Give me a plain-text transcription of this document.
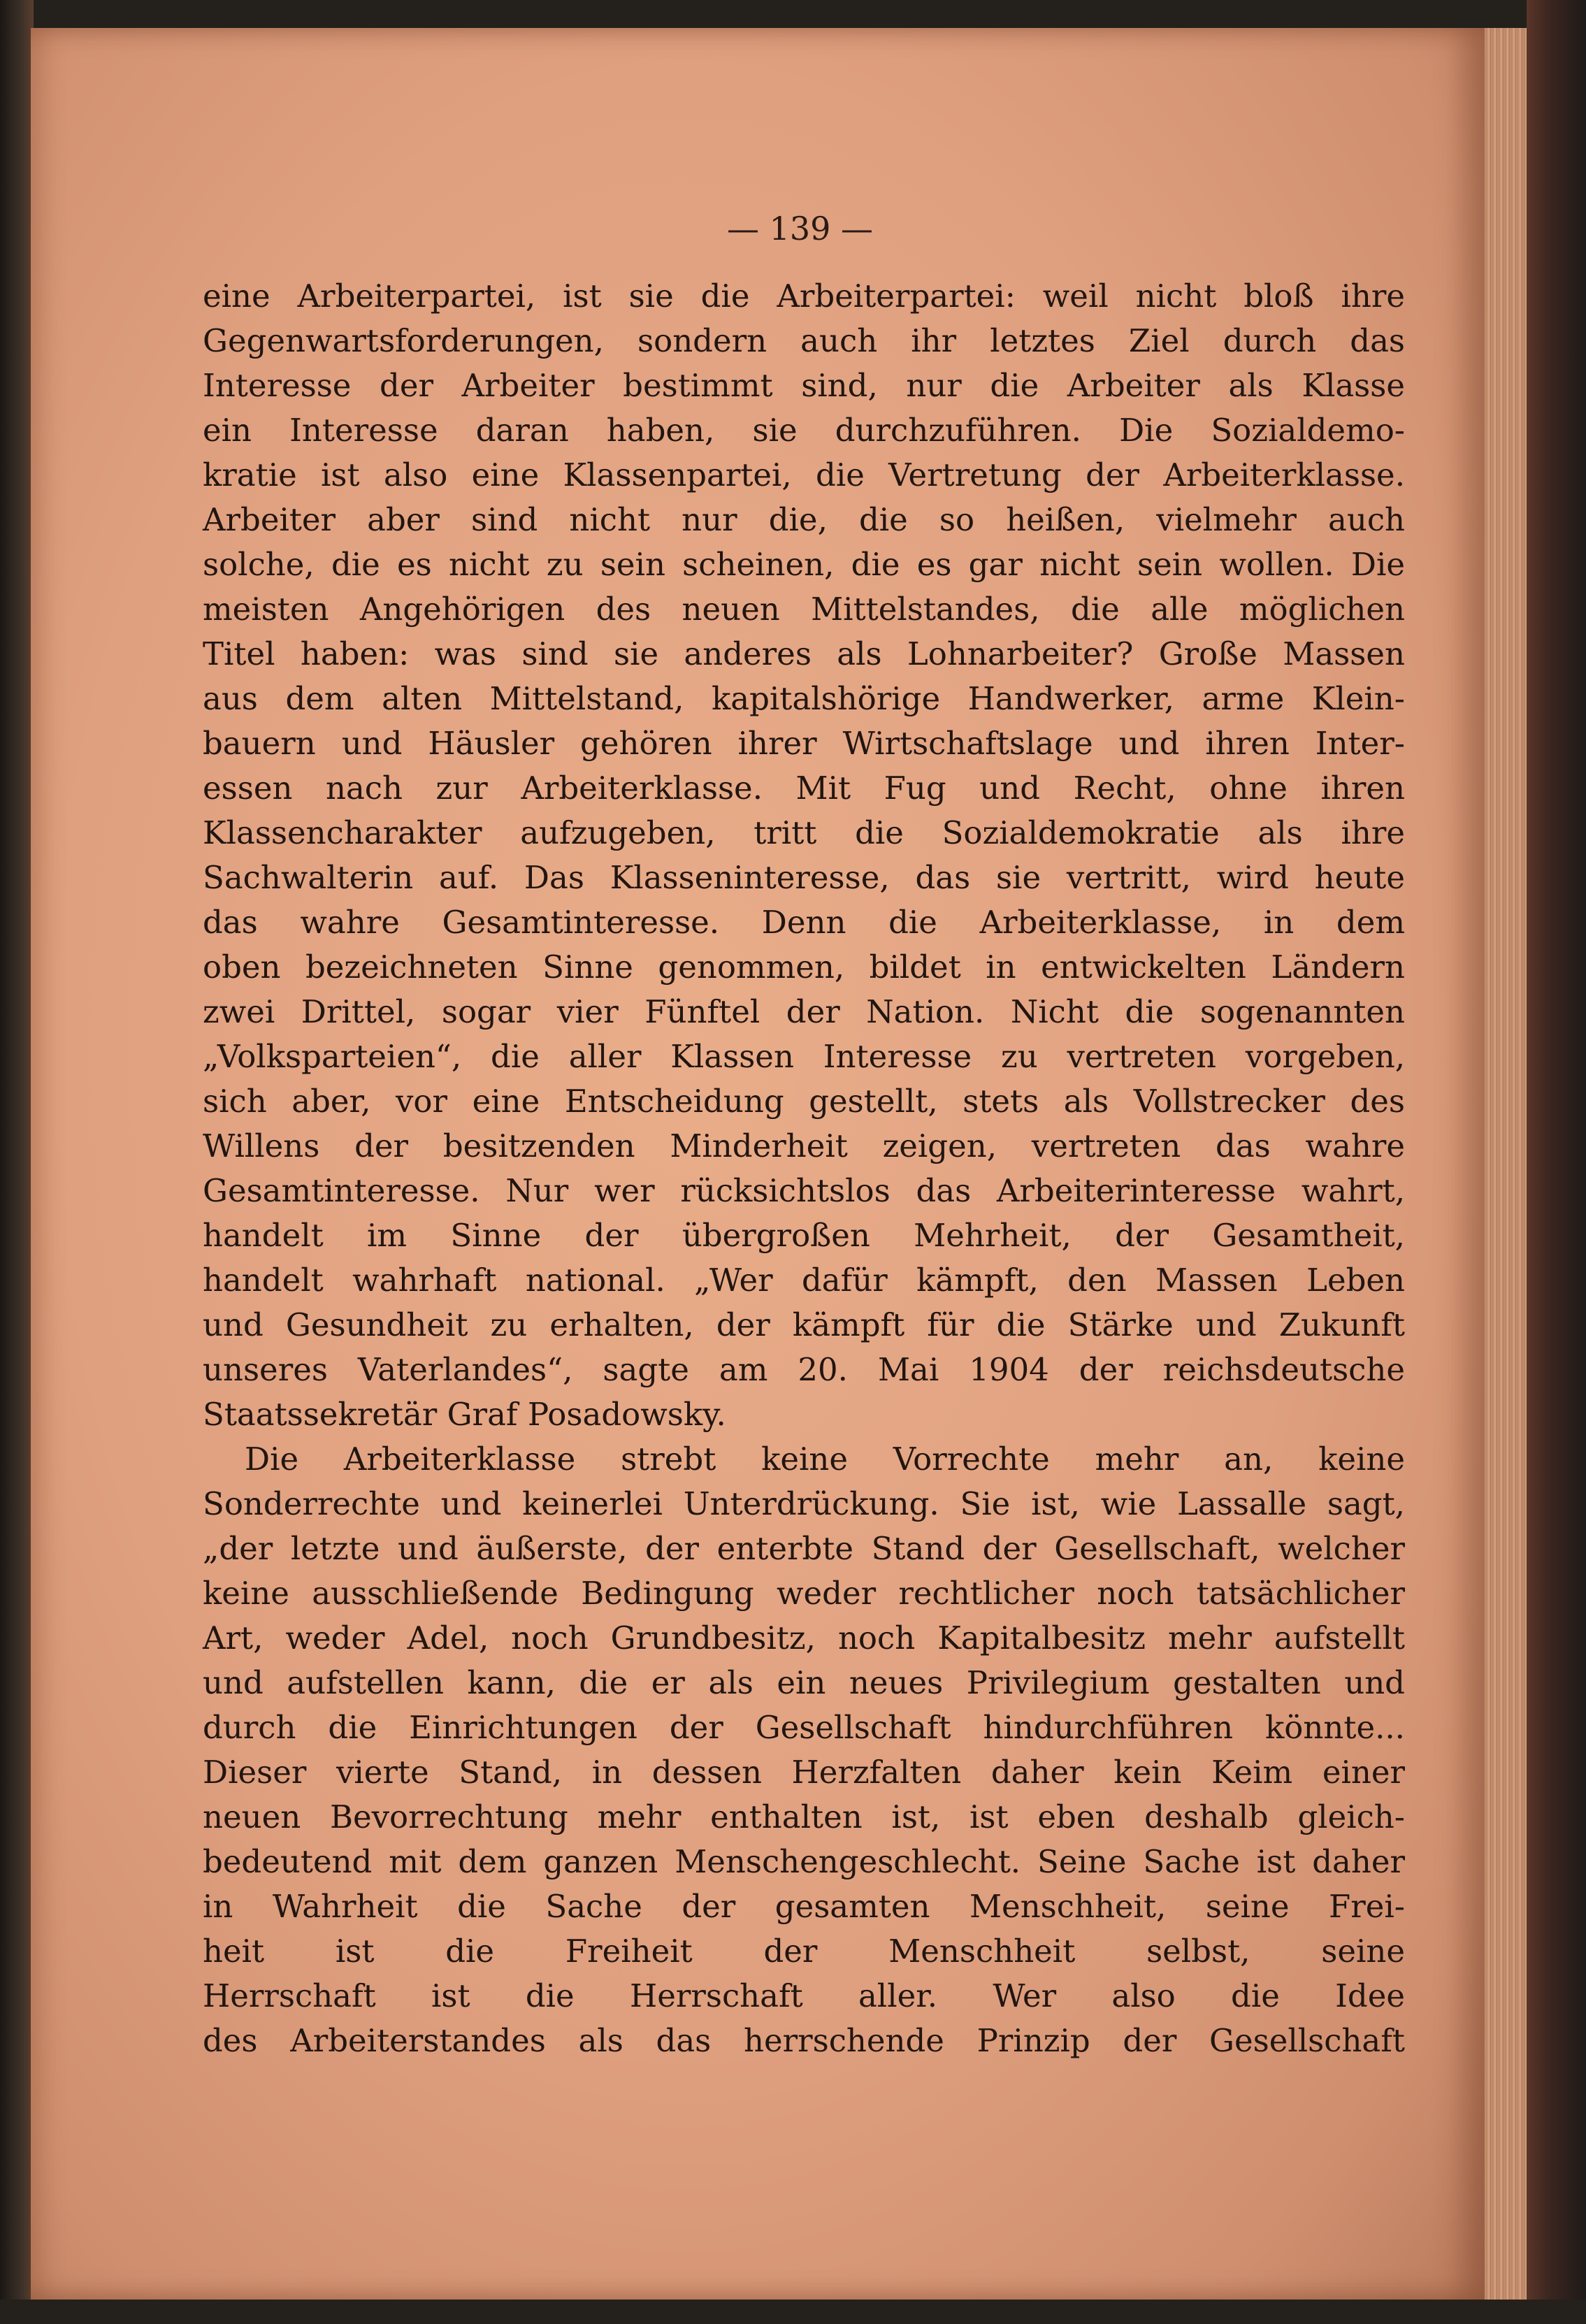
— 139 —
eine Arbeiterpartei, ist sie die Arbeiterpartei: weil nicht bloß ihre
Gegenwartsforderungen, sondern auch ihr letztes Ziel durch das
Interesse der Arbeiter bestimmt sind, nur die Arbeiter als Klasse
ein Interesse daran haben, sie durchzuführen. Die Sozialdemo-
kratie ist also eine Klassenpartei, die Vertretung der Arbeiterklasse.
Arbeiter aber sind nicht nur die, die so heißen, vielmehr auch
solche, die es nicht zu sein scheinen, die es gar nicht sein wollen. Die
meisten Angehörigen des neuen Mittelstandes, die alle möglichen
Titel haben: was sind sie anderes als Lohnarbeiter? Große Massen
aus dem alten Mittelstand, kapitalshörige Handwerker, arme Klein-
bauern und Häusler gehören ihrer Wirtschaftslage und ihren Inter-
essen nach zur Arbeiterklasse. Mit Fug und Recht, ohne ihren
Klassencharakter aufzugeben, tritt die Sozialdemokratie als ihre
Sachwalterin auf. Das Klasseninteresse, das sie vertritt, wird heute
das wahre Gesamtinteresse. Denn die Arbeiterklasse, in dem
oben bezeichneten Sinne genommen, bildet in entwickelten Ländern
zwei Drittel, sogar vier Fünftel der Nation. Nicht die sogenannten
„Volksparteien“, die aller Klassen Interesse zu vertreten vorgeben,
sich aber, vor eine Entscheidung gestellt, stets als Vollstrecker des
Willens der besitzenden Minderheit zeigen, vertreten das wahre
Gesamtinteresse. Nur wer rücksichtslos das Arbeiterinteresse wahrt,
handelt im Sinne der übergroßen Mehrheit, der Gesamtheit,
handelt wahrhaft national. „Wer dafür kämpft, den Massen Leben
und Gesundheit zu erhalten, der kämpft für die Stärke und Zukunft
unseres Vaterlandes“, sagte am 20. Mai 1904 der reichsdeutsche
Staatssekretär Graf Posadowsky.
Die Arbeiterklasse strebt keine Vorrechte mehr an, keine
Sonderrechte und keinerlei Unterdrückung. Sie ist, wie Lassalle sagt,
„der letzte und äußerste, der enterbte Stand der Gesellschaft, welcher
keine ausschließende Bedingung weder rechtlicher noch tatsächlicher
Art, weder Adel, noch Grundbesitz, noch Kapitalbesitz mehr aufstellt
und aufstellen kann, die er als ein neues Privilegium gestalten und
durch die Einrichtungen der Gesellschaft hindurchführen könnte...
Dieser vierte Stand, in dessen Herzfalten daher kein Keim einer
neuen Bevorrechtung mehr enthalten ist, ist eben deshalb gleich-
bedeutend mit dem ganzen Menschengeschlecht. Seine Sache ist daher
in Wahrheit die Sache der gesamten Menschheit, seine Frei-
heit ist die Freiheit der Menschheit selbst, seine
Herrschaft ist die Herrschaft aller. Wer also die Idee
des Arbeiterstandes als das herrschende Prinzip der Gesellschaft
